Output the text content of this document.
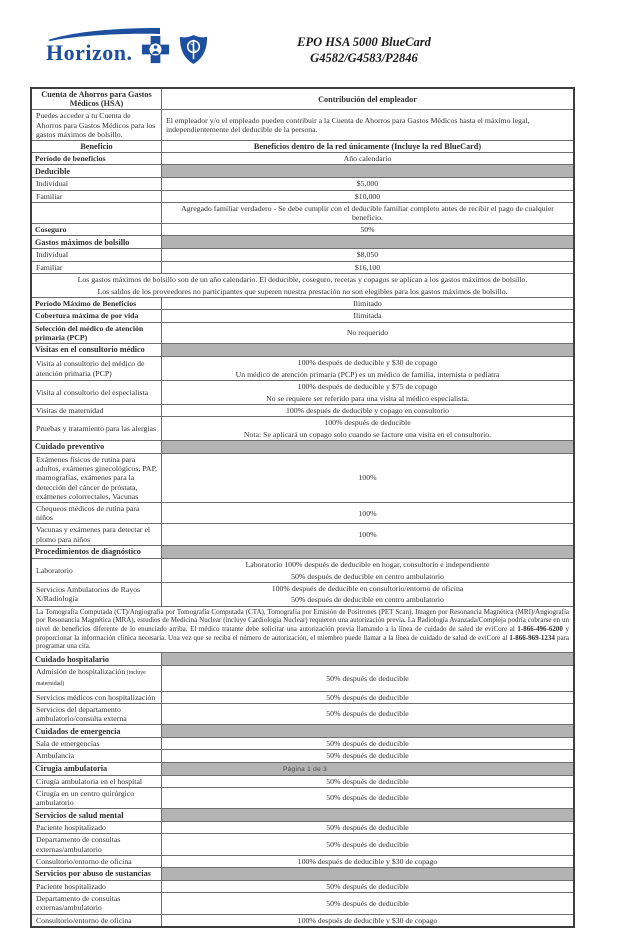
Horizon.	EPO HSA 5000 BlueCard
G4582/G4583/P2846
Cuenta de Ahorros para Gastos Médicos (HSA)	Contribución del empleador
Puedes acceder a tu Cuenta de Ahorros para Gastos Médicos para los gastos máximos de bolsillo.	El empleador y/o el empleado pueden contribuir a la Cuenta de Ahorros para Gastos Médicos hasta el máximo legal, independientemente del deducible de la persona.
Beneficio	Beneficios dentro de la red únicamente (Incluye la red BlueCard)
Período de beneficios	Año calendario

Deducible	
Individual	$5,000

Familiar	$10,000

	Agregado familiar verdadero - Se debe cumplir con el deducible familiar completo antes de recibir el pago de cualquier beneficio.

Coseguro	50%

Gastos máximos de bolsillo	
Individual	$8,050

Familiar	$16,100

Los gastos máximos de bolsillo son de un año calendario. El deducible, coseguro, recetas y copagos se aplican a los gastos máximos de bolsillo.
Los saldos de los proveedores no participantes que superen nuestra prestación no son elegibles para los gastos máximos de bolsillo.	

Período Máximo de Beneficios	Ilimitado

Cobertura máxima de por vida	Ilimitada

Selección del médico de atención primaria (PCP)	No requerido

Visitas en el consultorio médico	
Visita al consultorio del médico de atención primaria (PCP)	100% después de deducible y $30 de copago
Un médico de atención primaria (PCP) es un médico de familia, internista o pediatra

Visita al consultorio del especialista	100% después de deducible y $75 de copago
No se requiere ser referido para una visita al médico especialista.

Visitas de maternidad	100% después de deducible y copago en consultorio

Pruebas y tratamiento para las alergias	100% después de deducible
Nota: Se aplicará un copago solo cuando se facture una visita en el consultorio.

Cuidado preventivo	
Exámenes físicos de rutina para adultos, exámenes ginecológicos, PAP, mamografías, exámenes para la detección del cáncer de próstata, exámenes colorrectales, Vacunas	100%

Chequeos médicos de rutina para niños	100%

Vacunas y exámenes para detectar el plomo para niños	100%

Procedimientos de diagnóstico	
Laboratorio	Laboratorio 100% después de deducible en hogar, consultorio e independiente
50% después de deducible en centro ambulatorio

Servicios Ambulatorios de Rayos X/Radiología	100% después de deducible en consultorio/entorno de oficina
50% después de deducible en centro ambulatorio

La Tomografía Computada (CT)/Angiografía por Tomografía Computada (CTA), Tomografía por Emisión de Positrones (PET Scan), Imagen por Resonancia Magnética (MRI)/Angiografía por Resonancia Magnética (MRA), estudios de Medicina Nuclear (incluye Cardiología Nuclear) requieren una autorización previa. La Radiología Avanzada/Compleja podría cobrarse en un nivel de beneficios diferente de lo enunciado arriba. El médico tratante debe solicitar una autorización previa llamando a la línea de cuidado de salud de eviCore al 1-866-496-6200 y proporcionar la información clínica necesaria. Una vez que se reciba el número de autorización, el miembro puede llamar a la línea de cuidado de salud de eviCore al 1-866-969-1234 para programar una cita.	
Cuidado hospitalario	
Admisión de hospitalización (incluye maternidad)	50% después de deducible

Servicios médicos con hospitalización	50% después de deducible

Servicios del departamento ambulatorio/consulta externa	50% después de deducible

Cuidados de emergencia	
Sala de emergencias	50% después de deducible

Ambulancia	50% después de deducible

Cirugía ambulatoria	
Cirugía ambulatoria en el hospital	50% después de deducible

Cirugía en un centro quirúrgico ambulatorio	50% después de deducible

Servicios de salud mental	
Paciente hospitalizado	50% después de deducible

Departamento de consultas externas/ambulatorio	50% después de deducible

Consultorio/entorno de oficina	100% después de deducible y $30 de copago

Servicios por abuso de sustancias	
Paciente hospitalizado	50% después de deducible

Departamento de consultas externas/ambulatorio	50% después de deducible

Consultorio/entorno de oficina	100% después de deducible y $30 de copago
Página 1 de 3
